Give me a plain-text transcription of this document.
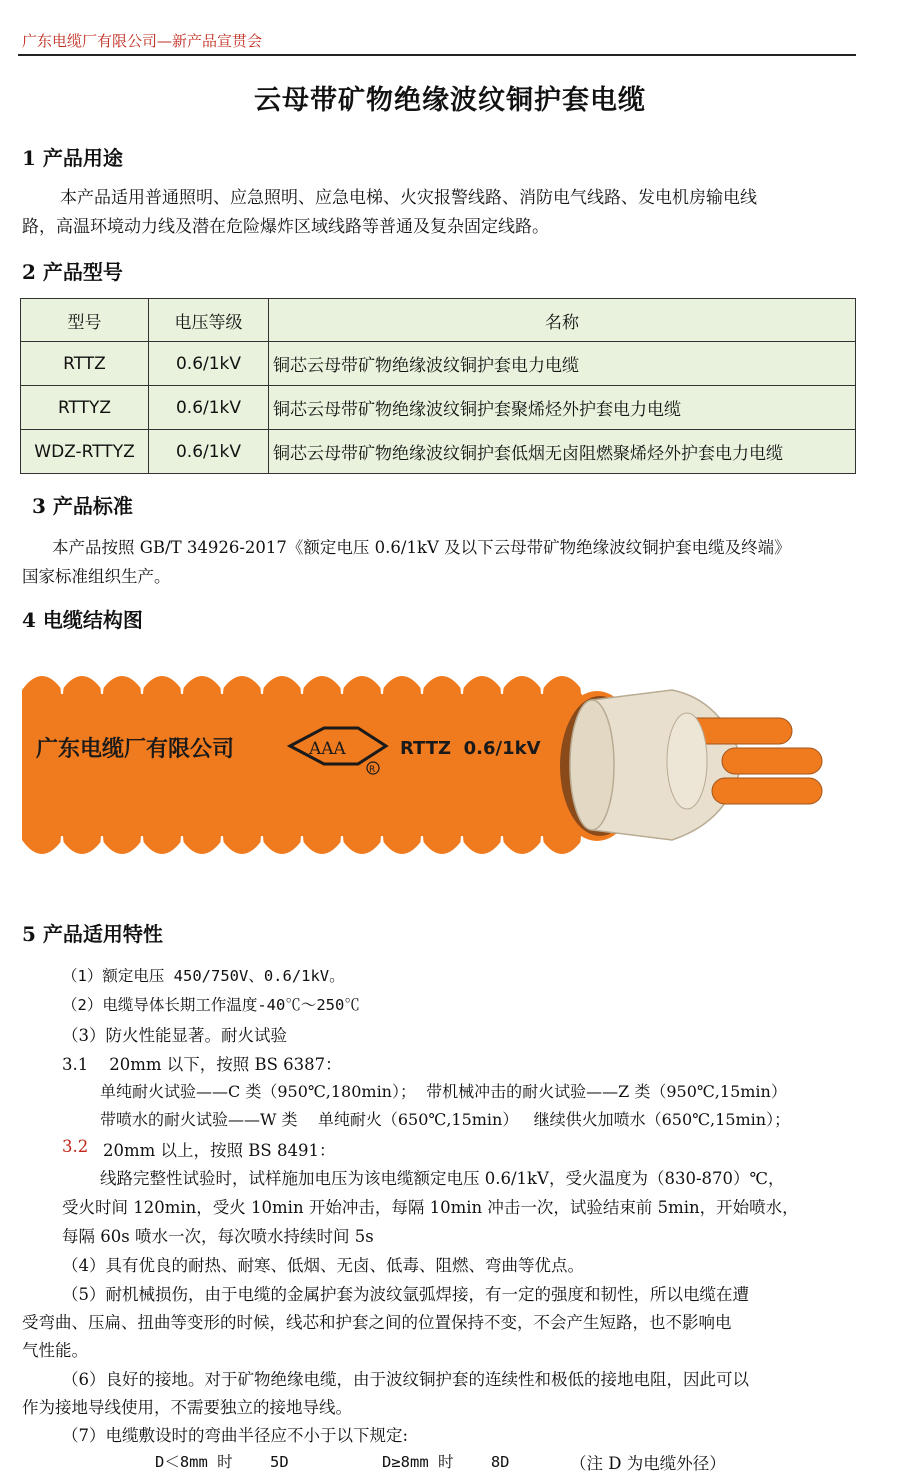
广东电缆厂有限公司—新产品宣贯会
云母带矿物绝缘波纹铜护套电缆
1 产品用途
本产品适用普通照明、应急照明、应急电梯、火灾报警线路、消防电气线路、发电机房输电线
路，高温环境动力线及潜在危险爆炸区域线路等普通及复杂固定线路。
2 产品型号
型号	电压等级	名称
RTTZ	0.6/1kV	铜芯云母带矿物绝缘波纹铜护套电力电缆
RTTYZ	0.6/1kV	铜芯云母带矿物绝缘波纹铜护套聚烯烃外护套电力电缆
WDZ-RTTYZ	0.6/1kV	铜芯云母带矿物绝缘波纹铜护套低烟无卤阻燃聚烯烃外护套电力电缆
3 产品标准
本产品按照 GB/T 34926-2017《额定电压 0.6/1kV 及以下云母带矿物绝缘波纹铜护套电缆及终端》
国家标准组织生产。
4 电缆结构图
广东电缆厂有限公司	AAA
R
RTTZ  0.6/1kV
5 产品适用特性
（1）额定电压 450/750V、0.6/1kV。
（2）电缆导体长期工作温度-40℃～250℃
（3）防火性能显著。耐火试验
3.1    20mm 以下，按照 BS 6387：
单纯耐火试验——C 类（950℃,180min）；  带机械冲击的耐火试验——Z 类（950℃,15min）
带喷水的耐火试验——W 类    单纯耐火（650℃,15min）   继续供火加喷水（650℃,15min）；
3.2 20mm 以上，按照 BS 8491：
线路完整性试验时，试样施加电压为该电缆额定电压 0.6/1kV，受火温度为（830-870）℃，
受火时间 120min，受火 10min 开始冲击，每隔 10min 冲击一次，试验结束前 5min，开始喷水，
每隔 60s 喷水一次，每次喷水持续时间 5s
（4）具有优良的耐热、耐寒、低烟、无卤、低毒、阻燃、弯曲等优点。
（5）耐机械损伤，由于电缆的金属护套为波纹氩弧焊接，有一定的强度和韧性，所以电缆在遭
受弯曲、压扁、扭曲等变形的时候，线芯和护套之间的位置保持不变，不会产生短路，也不影响电
气性能。
（6）良好的接地。对于矿物绝缘电缆，由于波纹铜护套的连续性和极低的接地电阻，因此可以
作为接地导线使用，不需要独立的接地导线。
（7）电缆敷设时的弯曲半径应不小于以下规定:
D＜8mm 时    5D	D≥8mm 时    8D	（注 D 为电缆外径）
